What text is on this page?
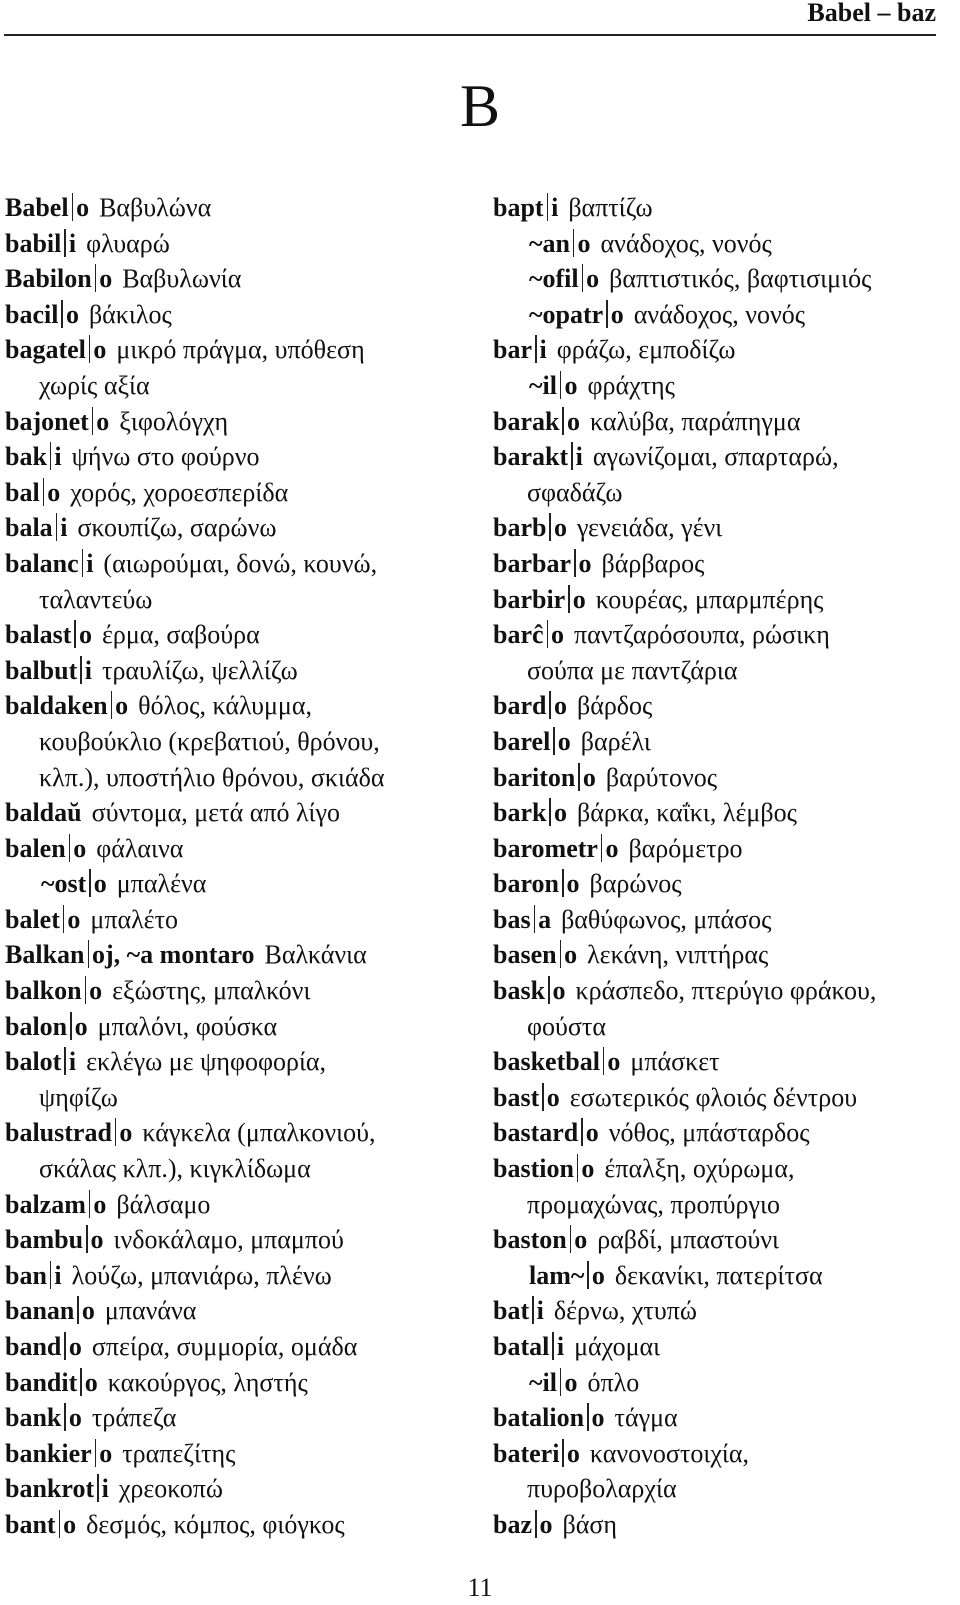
Babel – baz
B
Babel o Βαβυλώνα
babil i φλυαρώ
Babilon o Βαβυλωνία
bacil o βάκιλος
bagatel o μικρό πράγμα, υπόθεση
χωρίς αξία
bajonet o ξιφολόγχη
bak i ψήνω στο φούρνο
bal o χορός, χοροεσπερίδα
bala i σκουπίζω, σαρώνω
balanc i (αιωρούμαι, δονώ, κουνώ,
ταλαντεύω
balast o έρμα, σαβούρα
balbut i τραυλίζω, ψελλίζω
baldaken o θόλος, κάλυμμα,
κουβούκλιο (κρεβατιού, θρόνου,
κλπ.), υποστήλιο θρόνου, σκιάδα
baldaŭ σύντομα, μετά από λίγο
balen o φάλαινα
~ost o μπαλένα
balet o μπαλέτο
Balkan oj, ~a montaro Βαλκάνια
balkon o εξώστης, μπαλκόνι
balon o μπαλόνι, φούσκα
balot i εκλέγω με ψηφοφορία,
ψηφίζω
balustrad o κάγκελα (μπαλκονιού,
σκάλας κλπ.), κιγκλίδωμα
balzam o βάλσαμο
bambu o ινδοκάλαμο, μπαμπού
ban i λούζω, μπανιάρω, πλένω
banan o μπανάνα
band o σπείρα, συμμορία, ομάδα
bandit o κακούργος, ληστής
bank o τράπεζα
bankier o τραπεζίτης
bankrot i χρεοκοπώ
bant o δεσμός, κόμπος, φιόγκος
bapt i βαπτίζω
~an o ανάδοχος, νονός
~ofil o βαπτιστικός, βαφτισιμιός
~opatr o ανάδοχος, νονός
bar i φράζω, εμποδίζω
~il o φράχτης
barak o καλύβα, παράπηγμα
barakt i αγωνίζομαι, σπαρταρώ,
σφαδάζω
barb o γενειάδα, γένι
barbar o βάρβαρος
barbir o κουρέας, μπαρμπέρης
barĉ o παντζαρόσουπα, ρώσικη
σούπα με παντζάρια
bard o βάρδος
barel o βαρέλι
bariton o βαρύτονος
bark o βάρκα, καΐκι, λέμβος
barometr o βαρόμετρο
baron o βαρώνος
bas a βαθύφωνος, μπάσος
basen o λεκάνη, νιπτήρας
bask o κράσπεδο, πτερύγιο φράκου,
φούστα
basketbal o μπάσκετ
bast o εσωτερικός φλοιός δέντρου
bastard o νόθος, μπάσταρδος
bastion o έπαλξη, οχύρωμα,
προμαχώνας, προπύργιο
baston o ραβδί, μπαστούνι
lam~ o δεκανίκι, πατερίτσα
bat i δέρνω, χτυπώ
batal i μάχομαι
~il o όπλο
batalion o τάγμα
bateri o κανονοστοιχία,
πυροβολαρχία
baz o βάση
11
